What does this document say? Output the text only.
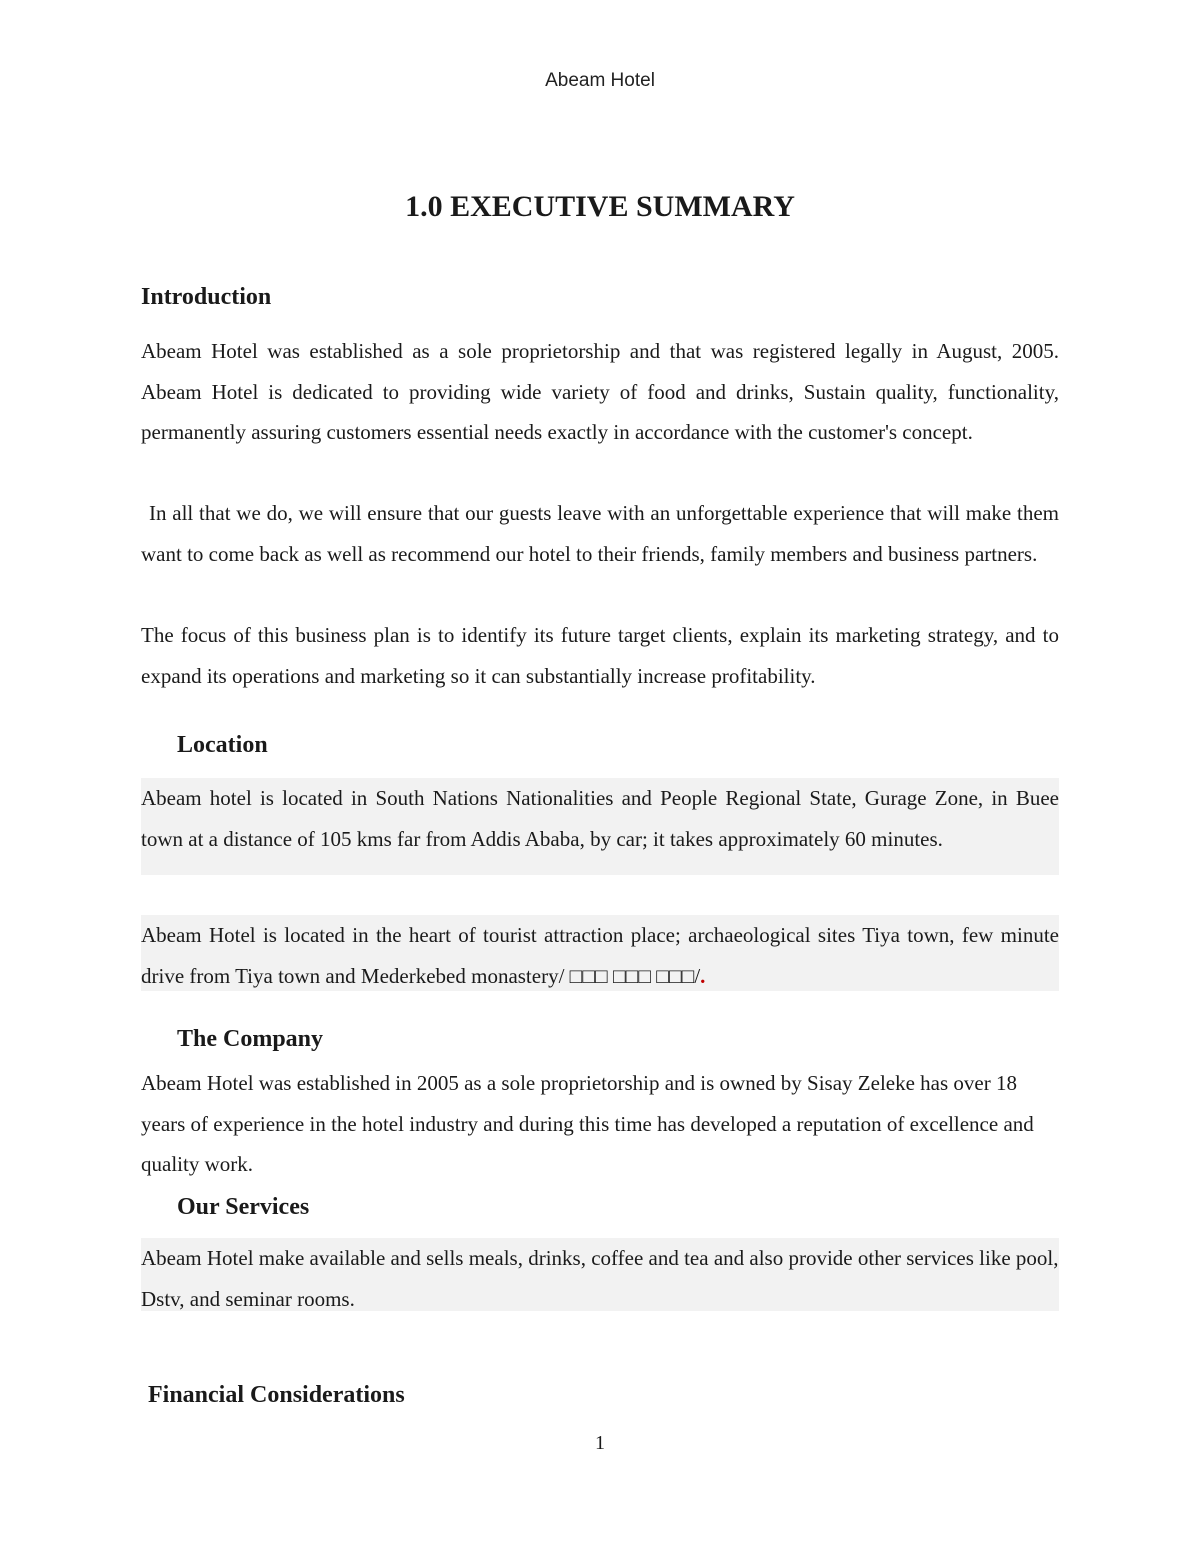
Abeam Hotel
1.0 EXECUTIVE SUMMARY
Introduction

Abeam Hotel was established as a sole proprietorship and that was registered legally in August, 2005. Abeam Hotel is dedicated to providing wide variety of food and drinks, Sustain quality, functionality, permanently assuring customers essential needs exactly in accordance with the customer's concept.

In all that we do, we will ensure that our guests leave with an unforgettable experience that will make them want to come back as well as recommend our hotel to their friends, family members and business partners.

The focus of this business plan is to identify its future target clients, explain its marketing strategy, and to expand its operations and marketing so it can substantially increase profitability.

Location

Abeam hotel is located in South Nations Nationalities and People Regional State, Gurage Zone, in Buee town at a distance of 105 kms far from Addis Ababa, by car; it takes approximately 60 minutes.

Abeam Hotel is located in the heart of tourist attraction place; archaeological sites Tiya town, few minute drive from Tiya town and Mederkebed monastery/ □□□ □□□ □□□/.

The Company

Abeam Hotel was established in 2005 as a sole proprietorship and is owned by Sisay Zeleke has over 18 years of experience in the hotel industry and during this time has developed a reputation of excellence and quality work.

Our Services

Abeam Hotel make available and sells meals, drinks, coffee and tea and also provide other services like pool, Dstv, and seminar rooms.

Financial Considerations
1
